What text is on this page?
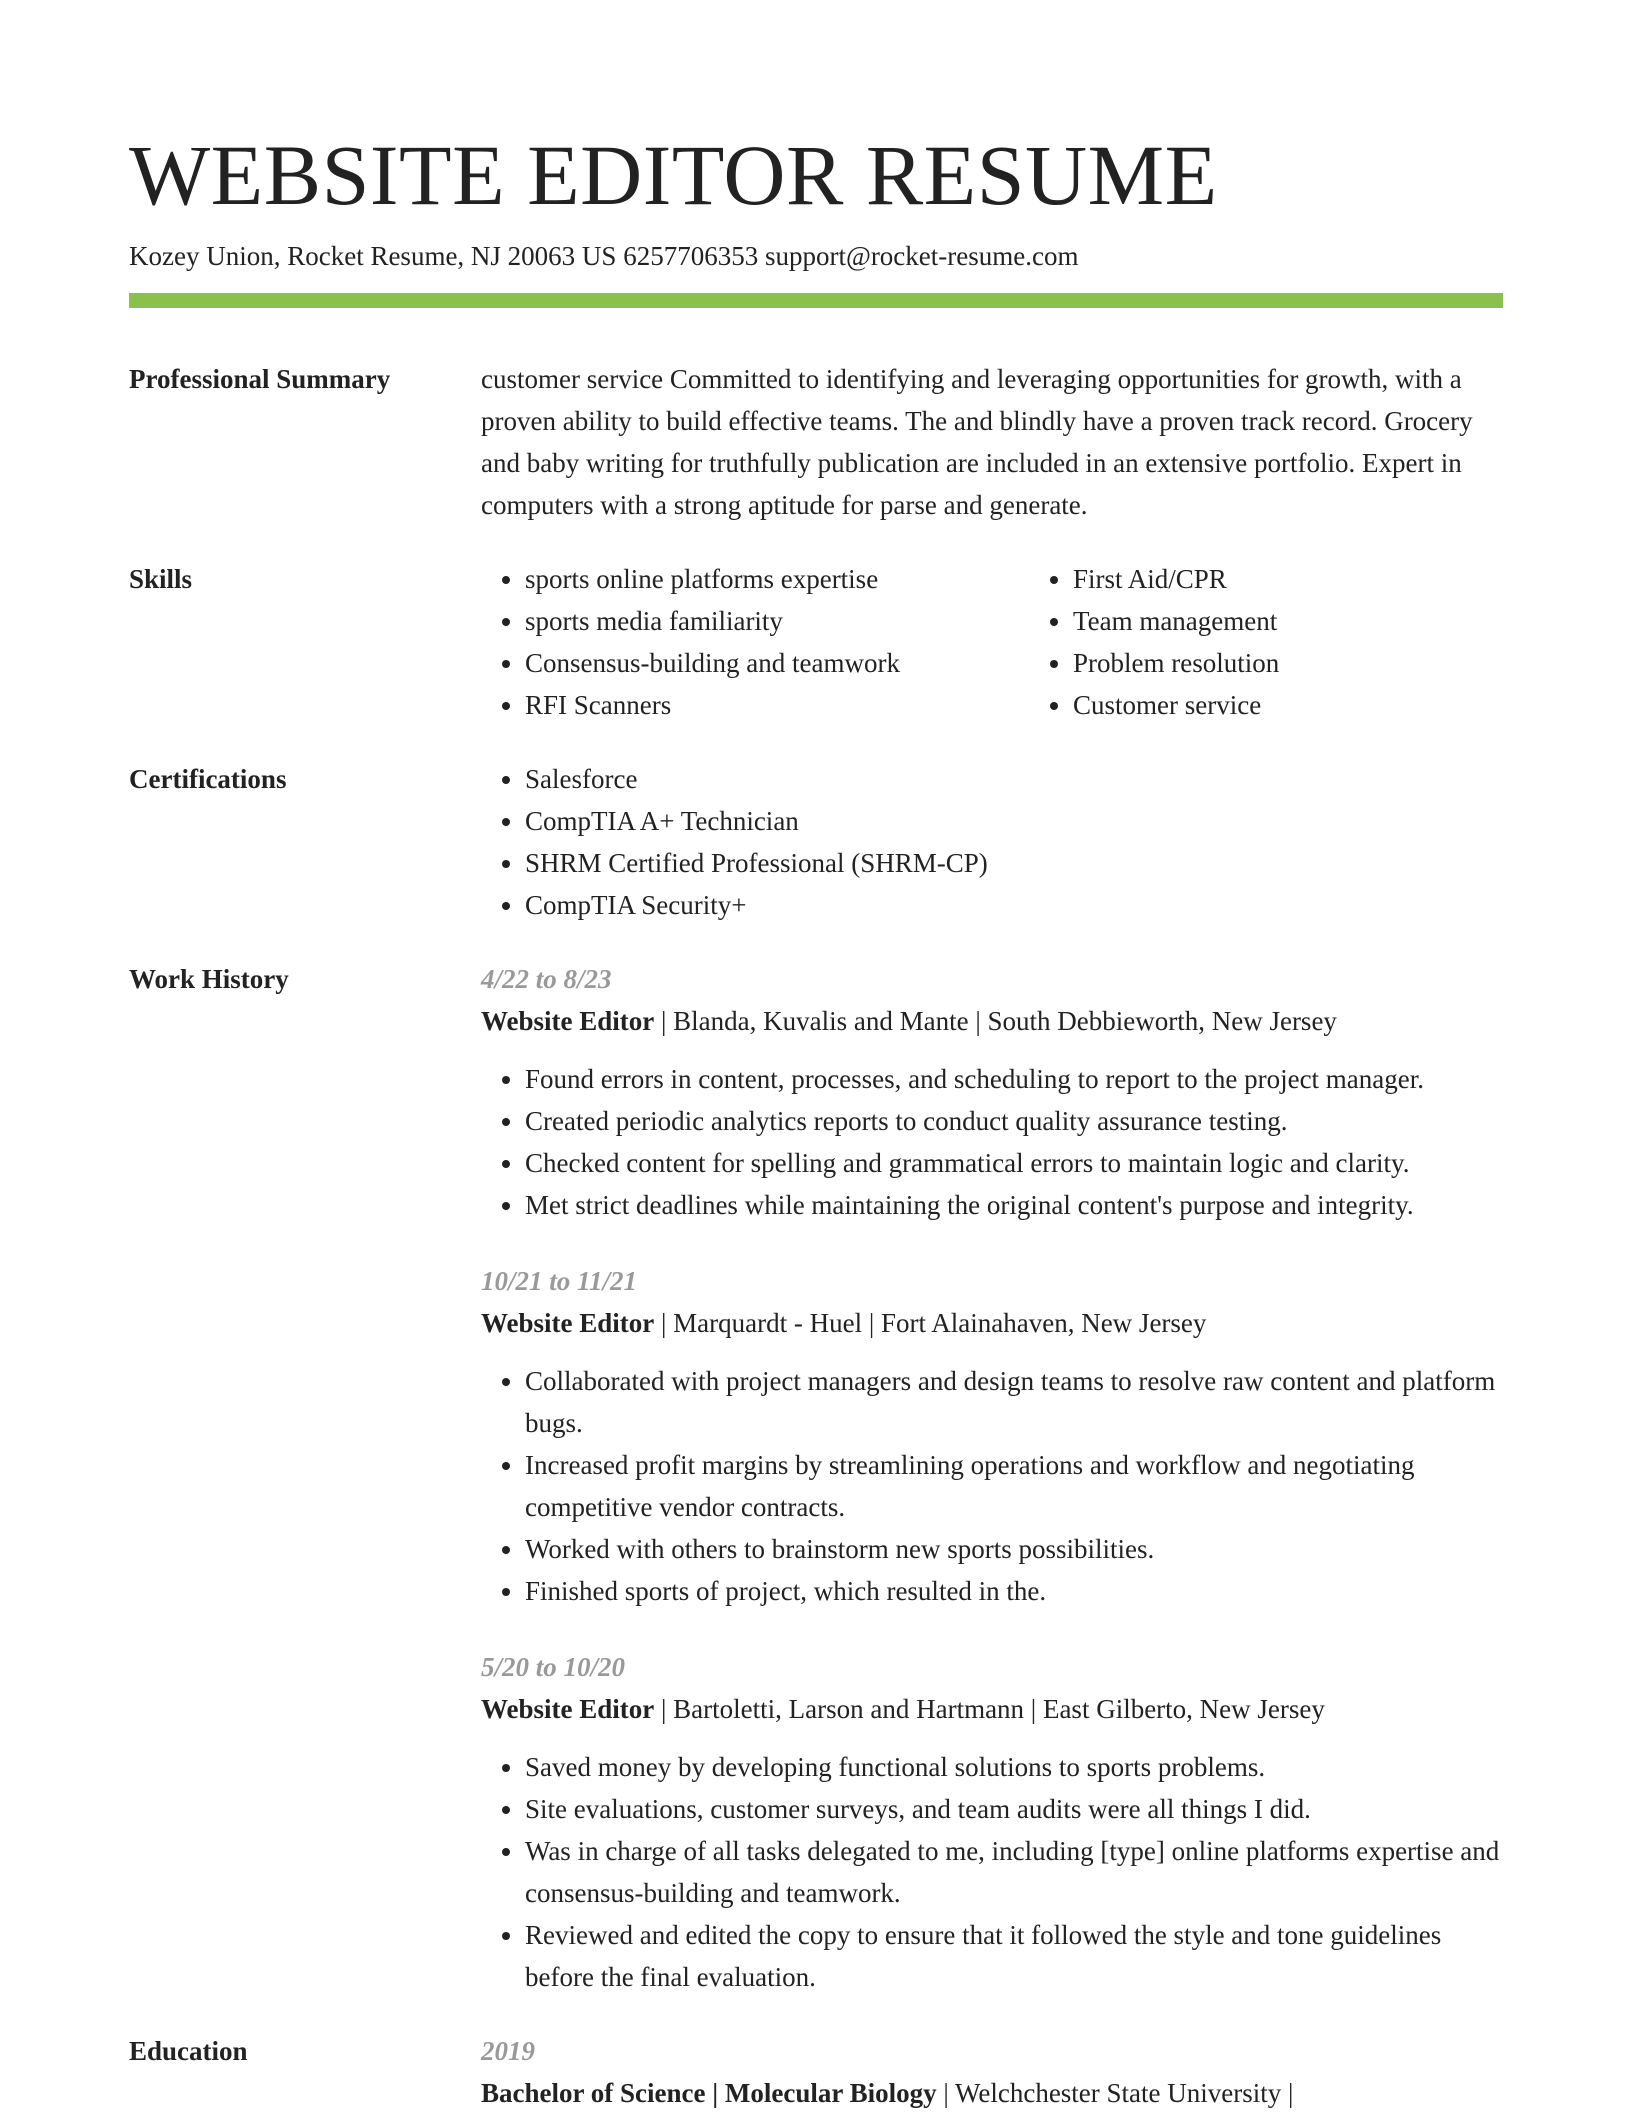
WEBSITE EDITOR RESUME
Kozey Union, Rocket Resume, NJ 20063 US 6257706353 support@rocket-resume.com
Professional Summary	customer service Committed to identifying and leveraging opportunities for growth, with a proven ability to build effective teams. The and blindly have a proven track record. Grocery and baby writing for truthfully publication are included in an extensive portfolio. Expert in computers with a strong aptitude for parse and generate.

Skills	• sports online platforms expertise
• sports media familiarity
• Consensus-building and teamwork
• RFI Scanners
• First Aid/CPR
• Team management
• Problem resolution
• Customer service
Certifications	• Salesforce
• CompTIA A+ Technician
• SHRM Certified Professional (SHRM-CP)
• CompTIA Security+
Work History	4/22 to 8/23
Website Editor | Blanda, Kuvalis and Mante | South Debbieworth, New Jersey
• Found errors in content, processes, and scheduling to report to the project manager.
• Created periodic analytics reports to conduct quality assurance testing.
• Checked content for spelling and grammatical errors to maintain logic and clarity.
• Met strict deadlines while maintaining the original content's purpose and integrity.
10/21 to 11/21
Website Editor | Marquardt - Huel | Fort Alainahaven, New Jersey
• Collaborated with project managers and design teams to resolve raw content and platform bugs.
• Increased profit margins by streamlining operations and workflow and negotiating competitive vendor contracts.
• Worked with others to brainstorm new sports possibilities.
• Finished sports of project, which resulted in the.
5/20 to 10/20
Website Editor | Bartoletti, Larson and Hartmann | East Gilberto, New Jersey
• Saved money by developing functional solutions to sports problems.
• Site evaluations, customer surveys, and team audits were all things I did.
• Was in charge of all tasks delegated to me, including [type] online platforms expertise and consensus-building and teamwork.
• Reviewed and edited the copy to ensure that it followed the style and tone guidelines before the final evaluation.
Education	2019
Bachelor of Science | Molecular Biology | Welchchester State University |
